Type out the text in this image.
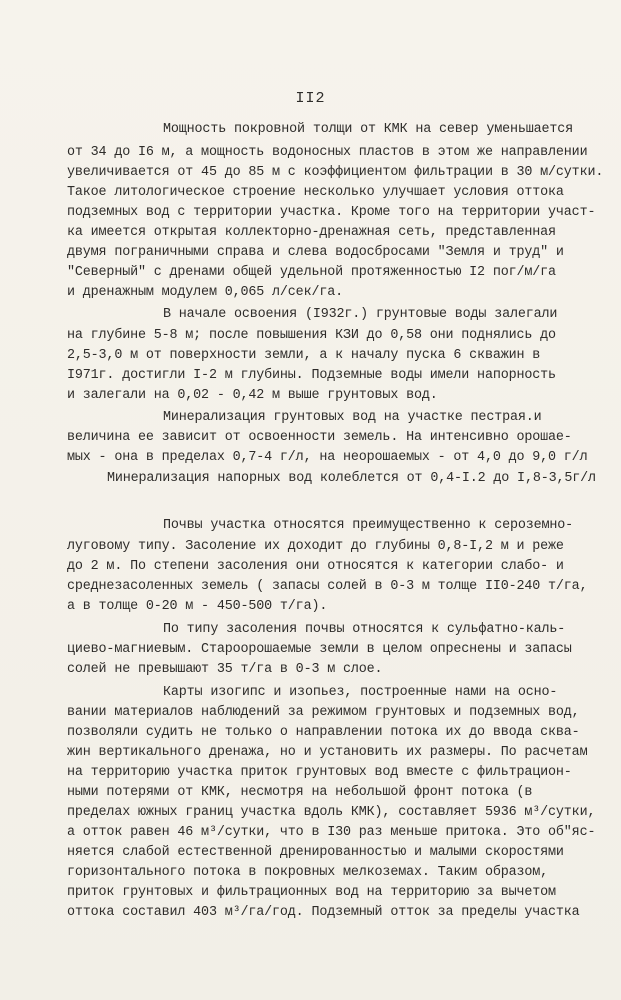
II2
Мощность покровной толщи от КМК на север уменьшается
от 34 до I6 м, а мощность водоносных пластов в этом же направлении
увеличивается от 45 до 85 м с коэффициентом фильтрации в 30 м/сутки.
Такое литологическое строение несколько улучшает условия оттока
подземных вод с территории участка. Кроме того на территории участ-
ка имеется открытая коллекторно-дренажная сеть, представленная
двумя пограничными справа и слева водосбросами "Земля и труд" и
"Северный" с дренами общей удельной протяженностью I2 пог/м/га
и дренажным модулем 0,065 л/сек/га.
В начале освоения (I932г.) грунтовые воды залегали
на глубине 5-8 м; после повышения КЗИ до 0,58 они поднялись до
2,5-3,0 м от поверхности земли, а к началу пуска 6 скважин в
I971г. достигли I-2 м глубины. Подземные воды имели напорность
и залегали на 0,02 - 0,42 м выше грунтовых вод.
Минерализация грунтовых вод на участке пестрая.и
величина ее зависит от освоенности земель. На интенсивно орошае-
мых - она в пределах 0,7-4 г/л, на неорошаемых - от 4,0 до 9,0 г/л
Минерализация напорных вод колеблется от 0,4-I.2 до I,8-3,5г/л
Почвы участка относятся преимущественно к сероземно-
луговому типу. Засоление их доходит до глубины 0,8-I,2 м и реже
до 2 м. По степени засоления они относятся к категории слабо- и
среднезасоленных земель ( запасы солей в 0-3 м толще II0-240 т/га,
а в толще 0-20 м - 450-500 т/га).
По типу засоления почвы относятся к сульфатно-каль-
циево-магниевым. Староорошаемые земли в целом опреснены и запасы
солей не превышают 35 т/га в 0-3 м слое.
Карты изогипс и изопьез, построенные нами на осно-
вании материалов наблюдений за режимом грунтовых и подземных вод,
позволяли судить не только о направлении потока их до ввода сква-
жин вертикального дренажа, но и установить их размеры. По расчетам
на территорию участка приток грунтовых вод вместе с фильтрацион-
ными потерями от КМК, несмотря на небольшой фронт потока (в
пределах южных границ участка вдоль КМК), составляет 5936 м³/сутки,
а отток равен 46 м³/сутки, что в I30 раз меньше притока. Это об"яс-
няется слабой естественной дренированностью и малыми скоростями
горизонтального потока в покровных мелкоземах. Таким образом,
приток грунтовых и фильтрационных вод на территорию за вычетом
оттока составил 403 м³/га/год. Подземный отток за пределы участка
